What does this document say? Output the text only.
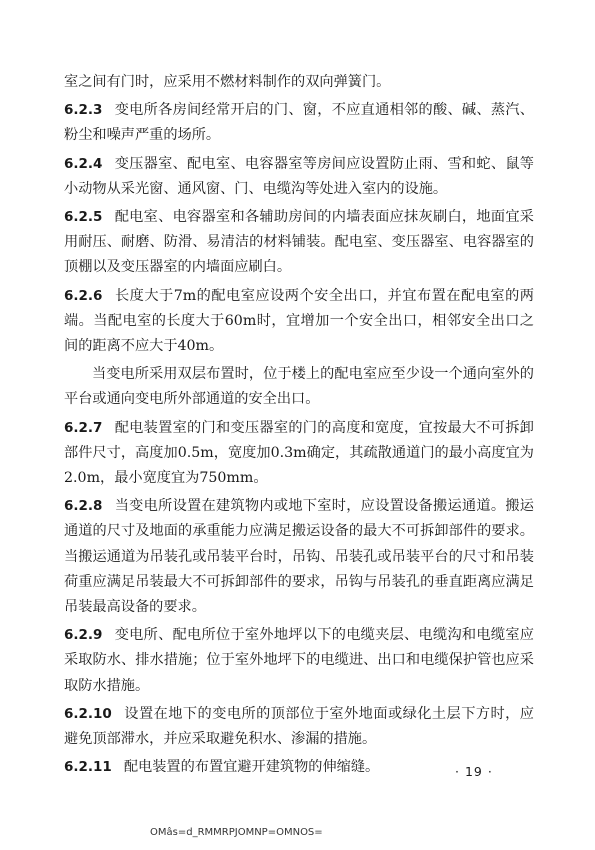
室之间有门时，应采用不燃材料制作的双向弹簧门。

6.2.3 变电所各房间经常开启的门、窗，不应直通相邻的酸、碱、蒸汽、粉尘和噪声严重的场所。

6.2.4 变压器室、配电室、电容器室等房间应设置防止雨、雪和蛇、鼠等小动物从采光窗、通风窗、门、电缆沟等处进入室内的设施。

6.2.5 配电室、电容器室和各辅助房间的内墙表面应抹灰刷白，地面宜采用耐压、耐磨、防滑、易清洁的材料铺装。配电室、变压器室、电容器室的顶棚以及变压器室的内墙面应刷白。

6.2.6 长度大于7m的配电室应设两个安全出口，并宜布置在配电室的两端。当配电室的长度大于60m时，宜增加一个安全出口，相邻安全出口之间的距离不应大于40m。

当变电所采用双层布置时，位于楼上的配电室应至少设一个通向室外的平台或通向变电所外部通道的安全出口。

6.2.7 配电装置室的门和变压器室的门的高度和宽度，宜按最大不可拆卸部件尺寸，高度加0.5m，宽度加0.3m确定，其疏散通道门的最小高度宜为2.0m，最小宽度宜为750mm。

6.2.8 当变电所设置在建筑物内或地下室时，应设置设备搬运通道。搬运通道的尺寸及地面的承重能力应满足搬运设备的最大不可拆卸部件的要求。当搬运通道为吊装孔或吊装平台时，吊钩、吊装孔或吊装平台的尺寸和吊装荷重应满足吊装最大不可拆卸部件的要求，吊钩与吊装孔的垂直距离应满足吊装最高设备的要求。

6.2.9 变电所、配电所位于室外地坪以下的电缆夹层、电缆沟和电缆室应采取防水、排水措施；位于室外地坪下的电缆进、出口和电缆保护管也应采取防水措施。

6.2.10 设置在地下的变电所的顶部位于室外地面或绿化土层下方时，应避免顶部滞水，并应采取避免积水、渗漏的措施。

6.2.11 配电装置的布置宜避开建筑物的伸缩缝。	· 19 ·
OMâs=d_RMMRPJOMNP=OMNOS=
